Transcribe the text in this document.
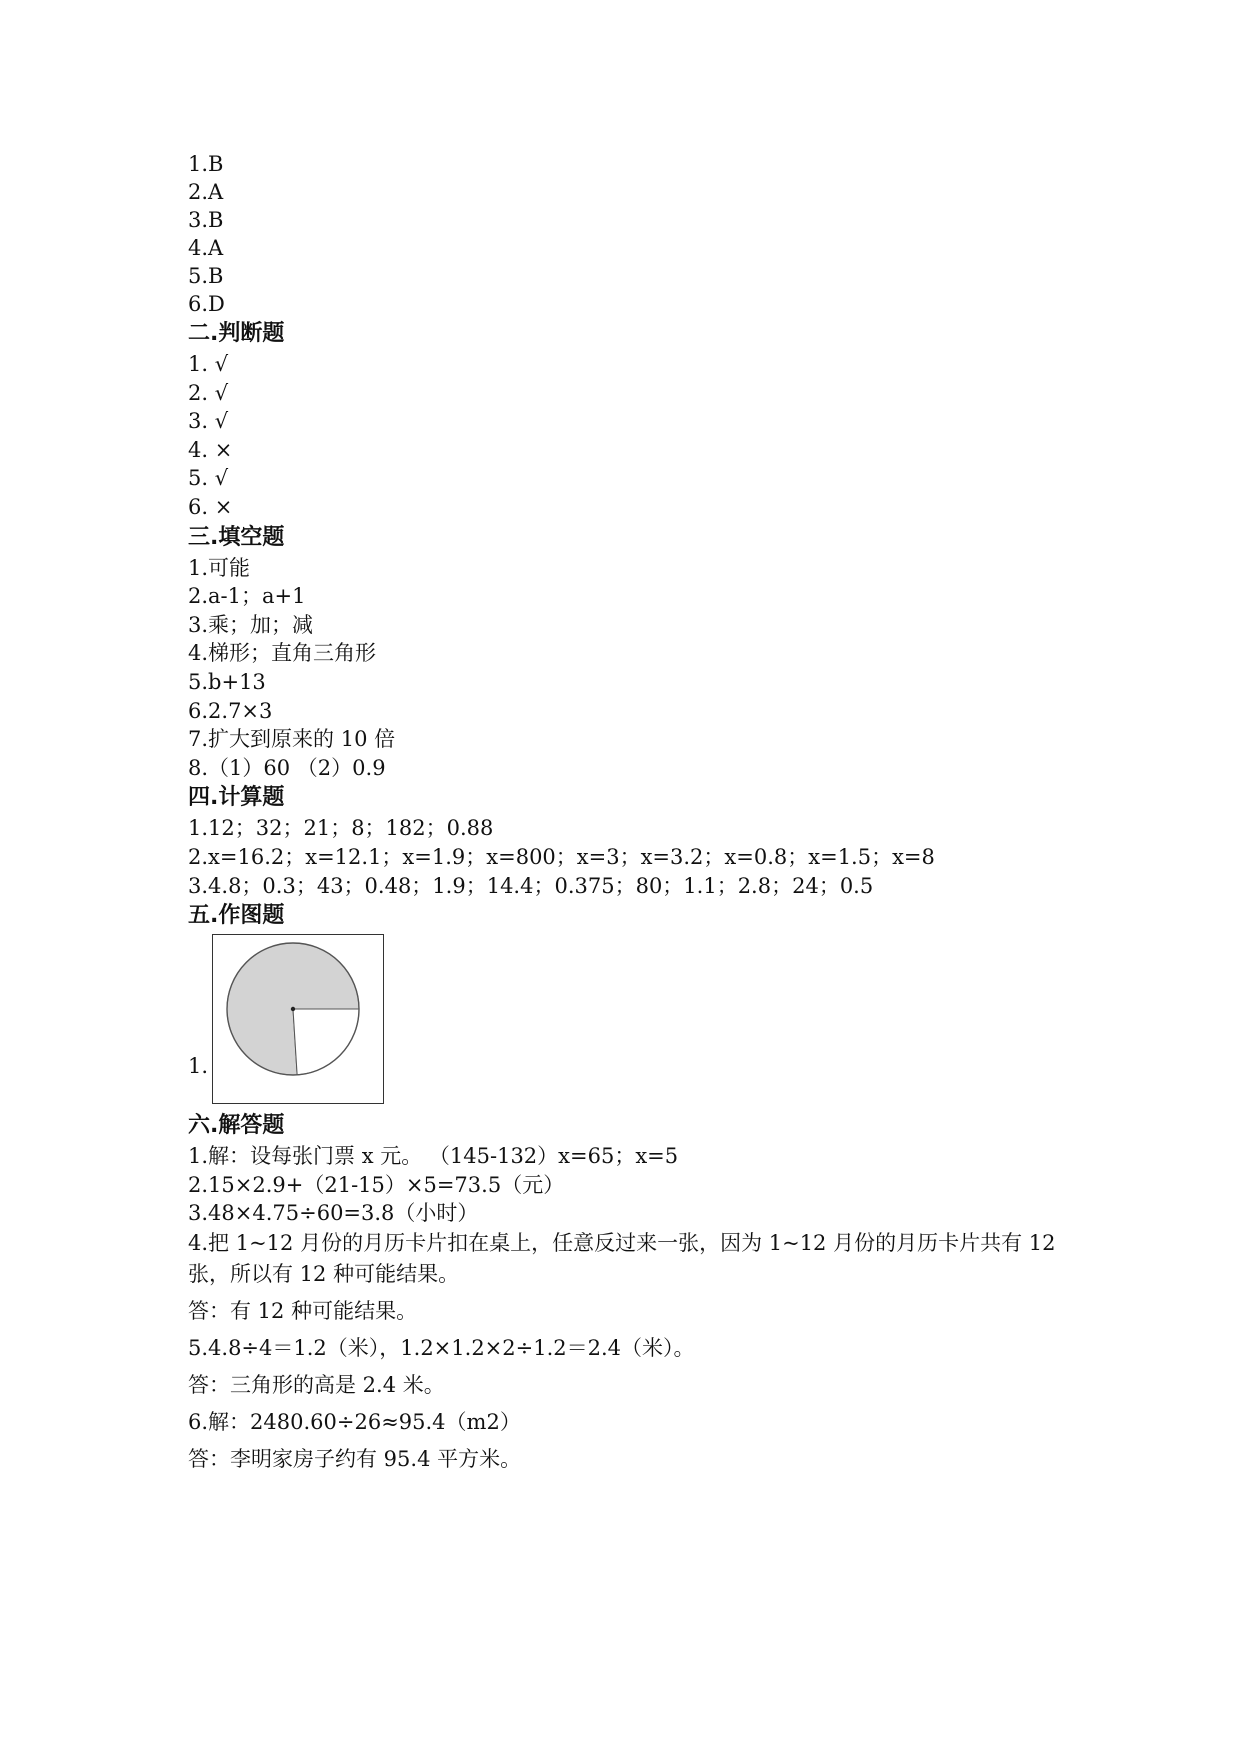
1.B

2.A

3.B

4.A

5.B

6.D

二.判断题

1. √

2. √

3. √

4. ×

5. √

6. ×

三.填空题

1.可能

2.a-1；a+1

3.乘；加；减

4.梯形；直角三角形

5.b+13

6.2.7×3

7.扩大到原来的 10 倍

8.（1）60 （2）0.9

四.计算题

1.12；32；21；8；182；0.88

2.x=16.2；x=12.1；x=1.9；x=800；x=3；x=3.2；x=0.8；x=1.5；x=8

3.4.8；0.3；43；0.48；1.9；14.4；0.375；80；1.1；2.8；24；0.5

五.作图题

1.

六.解答题

1.解：设每张门票 x 元。 （145-132）x=65；x=5

2.15×2.9+（21-15）×5=73.5（元）

3.48×4.75÷60=3.8（小时）

4.把 1~12 月份的月历卡片扣在桌上，任意反过来一张，因为 1~12 月份的月历卡片共有 12 张，所以有 12 种可能结果。

答：有 12 种可能结果。

5.4.8÷4＝1.2（米），1.2×1.2×2÷1.2＝2.4（米）。

答：三角形的高是 2.4 米。

6.解：2480.60÷26≈95.4（m2）

答：李明家房子约有 95.4 平方米。
